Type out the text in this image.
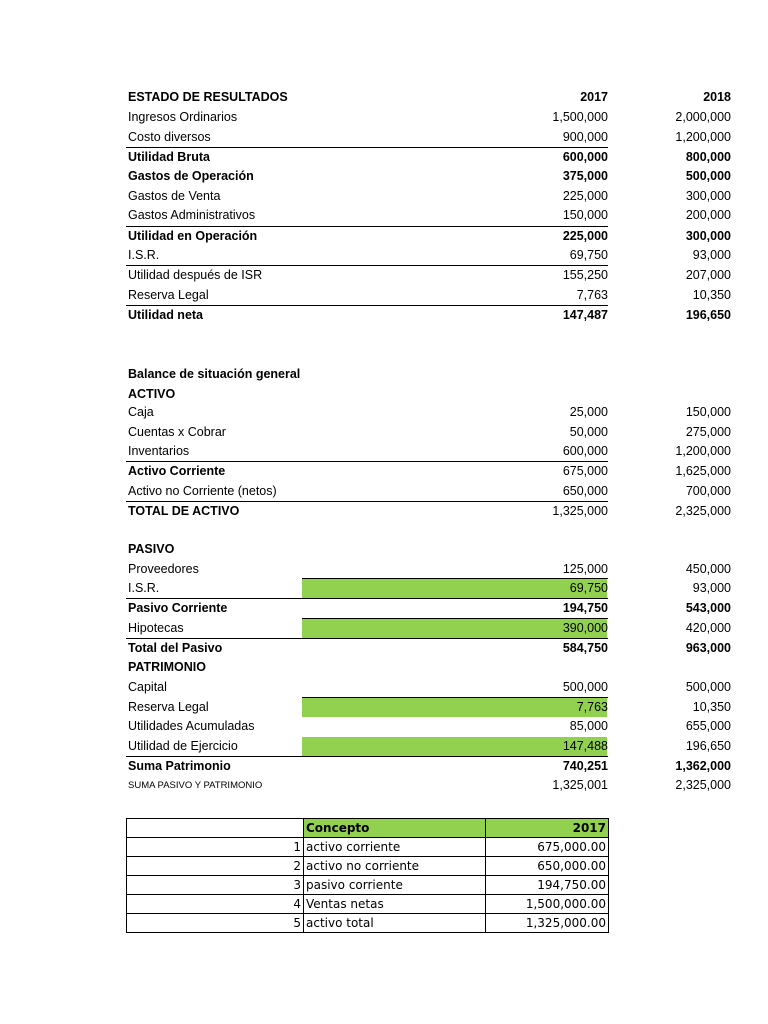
ESTADO DE RESULTADOS	2017	2018
Ingresos Ordinarios	1,500,000	2,000,000
Costo diversos	900,000	1,200,000
Utilidad Bruta	600,000	800,000
Gastos de Operación	375,000	500,000
Gastos de Venta	225,000	300,000
Gastos Administrativos	150,000	200,000
Utilidad en Operación	225,000	300,000
I.S.R.	69,750	93,000
Utilidad después de ISR	155,250	207,000
Reserva Legal	7,763	10,350
Utilidad neta	147,487	196,650
Balance de situación general
ACTIVO
Caja	25,000	150,000
Cuentas x Cobrar	50,000	275,000
Inventarios	600,000	1,200,000
Activo Corriente	675,000	1,625,000
Activo no Corriente (netos)	650,000	700,000
TOTAL DE ACTIVO	1,325,000	2,325,000
PASIVO
Proveedores	125,000	450,000
I.S.R.	69,750	93,000
Pasivo Corriente	194,750	543,000
Hipotecas	390,000	420,000
Total del Pasivo	584,750	963,000
PATRIMONIO
Capital	500,000	500,000
Reserva Legal	7,763	10,350
Utilidades Acumuladas	85,000	655,000
Utilidad de Ejercicio	147,488	196,650
Suma Patrimonio	740,251	1,362,000
SUMA PASIVO Y PATRIMONIO	1,325,001	2,325,000
	Concepto	2017
1	activo corriente	675,000.00
2	activo no corriente	650,000.00
3	pasivo corriente	194,750.00
4	Ventas netas	1,500,000.00
5	activo total	1,325,000.00
